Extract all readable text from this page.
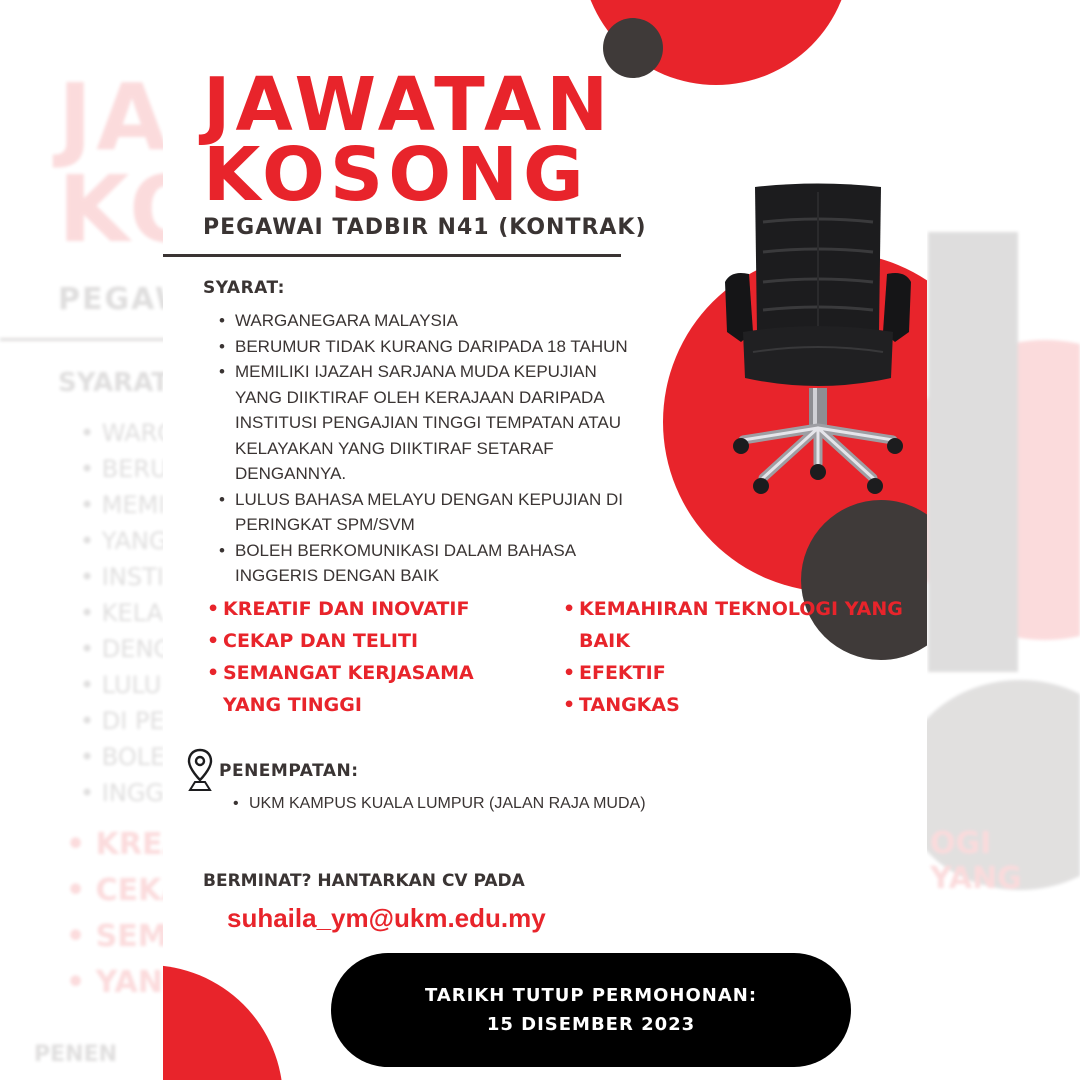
JA
KO
PEGAW
SYARAT
• WARG
• BERU
• MEMI
• YANG
• INSTI
• KELA
• DENG
• LULU
• DI PE
• BOLE
• INGG
• KREA
• CEKA
• SEMA
• YANG
PENEN
OGI YANG
JAWATAN
KOSONG
PEGAWAI TADBIR N41 (KONTRAK)
SYARAT:
• WARGANEGARA MALAYSIA
• BERUMUR TIDAK KURANG DARIPADA 18 TAHUN
• MEMILIKI IJAZAH SARJANA MUDA KEPUJIAN YANG DIIKTIRAF OLEH KERAJAAN DARIPADA INSTITUSI PENGAJIAN TINGGI TEMPATAN ATAU KELAYAKAN YANG DIIKTIRAF SETARAF DENGANNYA.
• LULUS BAHASA MELAYU DENGAN KEPUJIAN DI PERINGKAT SPM/SVM
• BOLEH BERKOMUNIKASI DALAM BAHASA INGGERIS DENGAN BAIK
• KREATIF DAN INOVATIF
• CEKAP DAN TELITI
• SEMANGAT KERJASAMA YANG TINGGI
• KEMAHIRAN TEKNOLOGI YANG BAIK
• EFEKTIF
• TANGKAS
PENEMPATAN:
• UKM KAMPUS KUALA LUMPUR (JALAN RAJA MUDA)
BERMINAT? HANTARKAN CV PADA
suhaila_ym@ukm.edu.my
TARIKH TUTUP PERMOHONAN:
15 DISEMBER 2023
